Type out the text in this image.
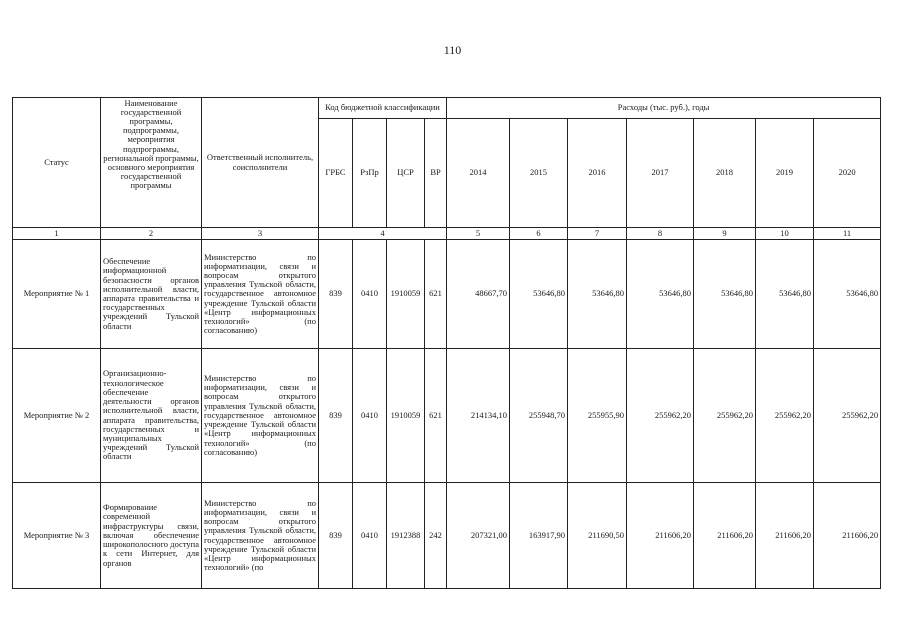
110
Статус	Наименование государственной программы, подпрограммы, мероприятия подпрограммы, региональной программы, основного мероприятия государственной программы	Ответственный исполнитель, соисполнители	Код бюджетной классификации				Расходы (тыс. руб.), годы						
			ГРБС	РзПр	ЦСР	ВР	2014	2015	2016	2017	2018	2019	2020
1	2	3	4				5	6	7	8	9	10	11
Мероприятие № 1	Обеспечение информационной безопасности органов исполнительной власти, аппарата правительства и государственных учреждений Тульской области	Министерство по информатизации, связи и вопросам открытого управления Тульской области, государственное автономное учреждение Тульской области «Центр информационных технологий» (по согласованию)	839	0410	1910059	621	48667,70	53646,80	53646,80	53646,80	53646,80	53646,80	53646,80
Мероприятие № 2	Организационно-технологическое обеспечение деятельности органов исполнительной власти, аппарата правительства, государственных и муниципальных учреждений Тульской области	Министерство по информатизации, связи и вопросам открытого управления Тульской области, государственное автономное учреждение Тульской области «Центр информационных технологий» (по согласованию)	839	0410	1910059	621	214134,10	255948,70	255955,90	255962,20	255962,20	255962,20	255962,20
Мероприятие № 3	Формирование современной инфраструктуры связи, включая обеспечение широкополосного доступа к сети Интернет, для органов	Министерство по информатизации, связи и вопросам открытого управления Тульской области, государственное автономное учреждение Тульской области «Центр информационных технологий» (по	839	0410	1912388	242	207321,00	163917,90	211690,50	211606,20	211606,20	211606,20	211606,20
